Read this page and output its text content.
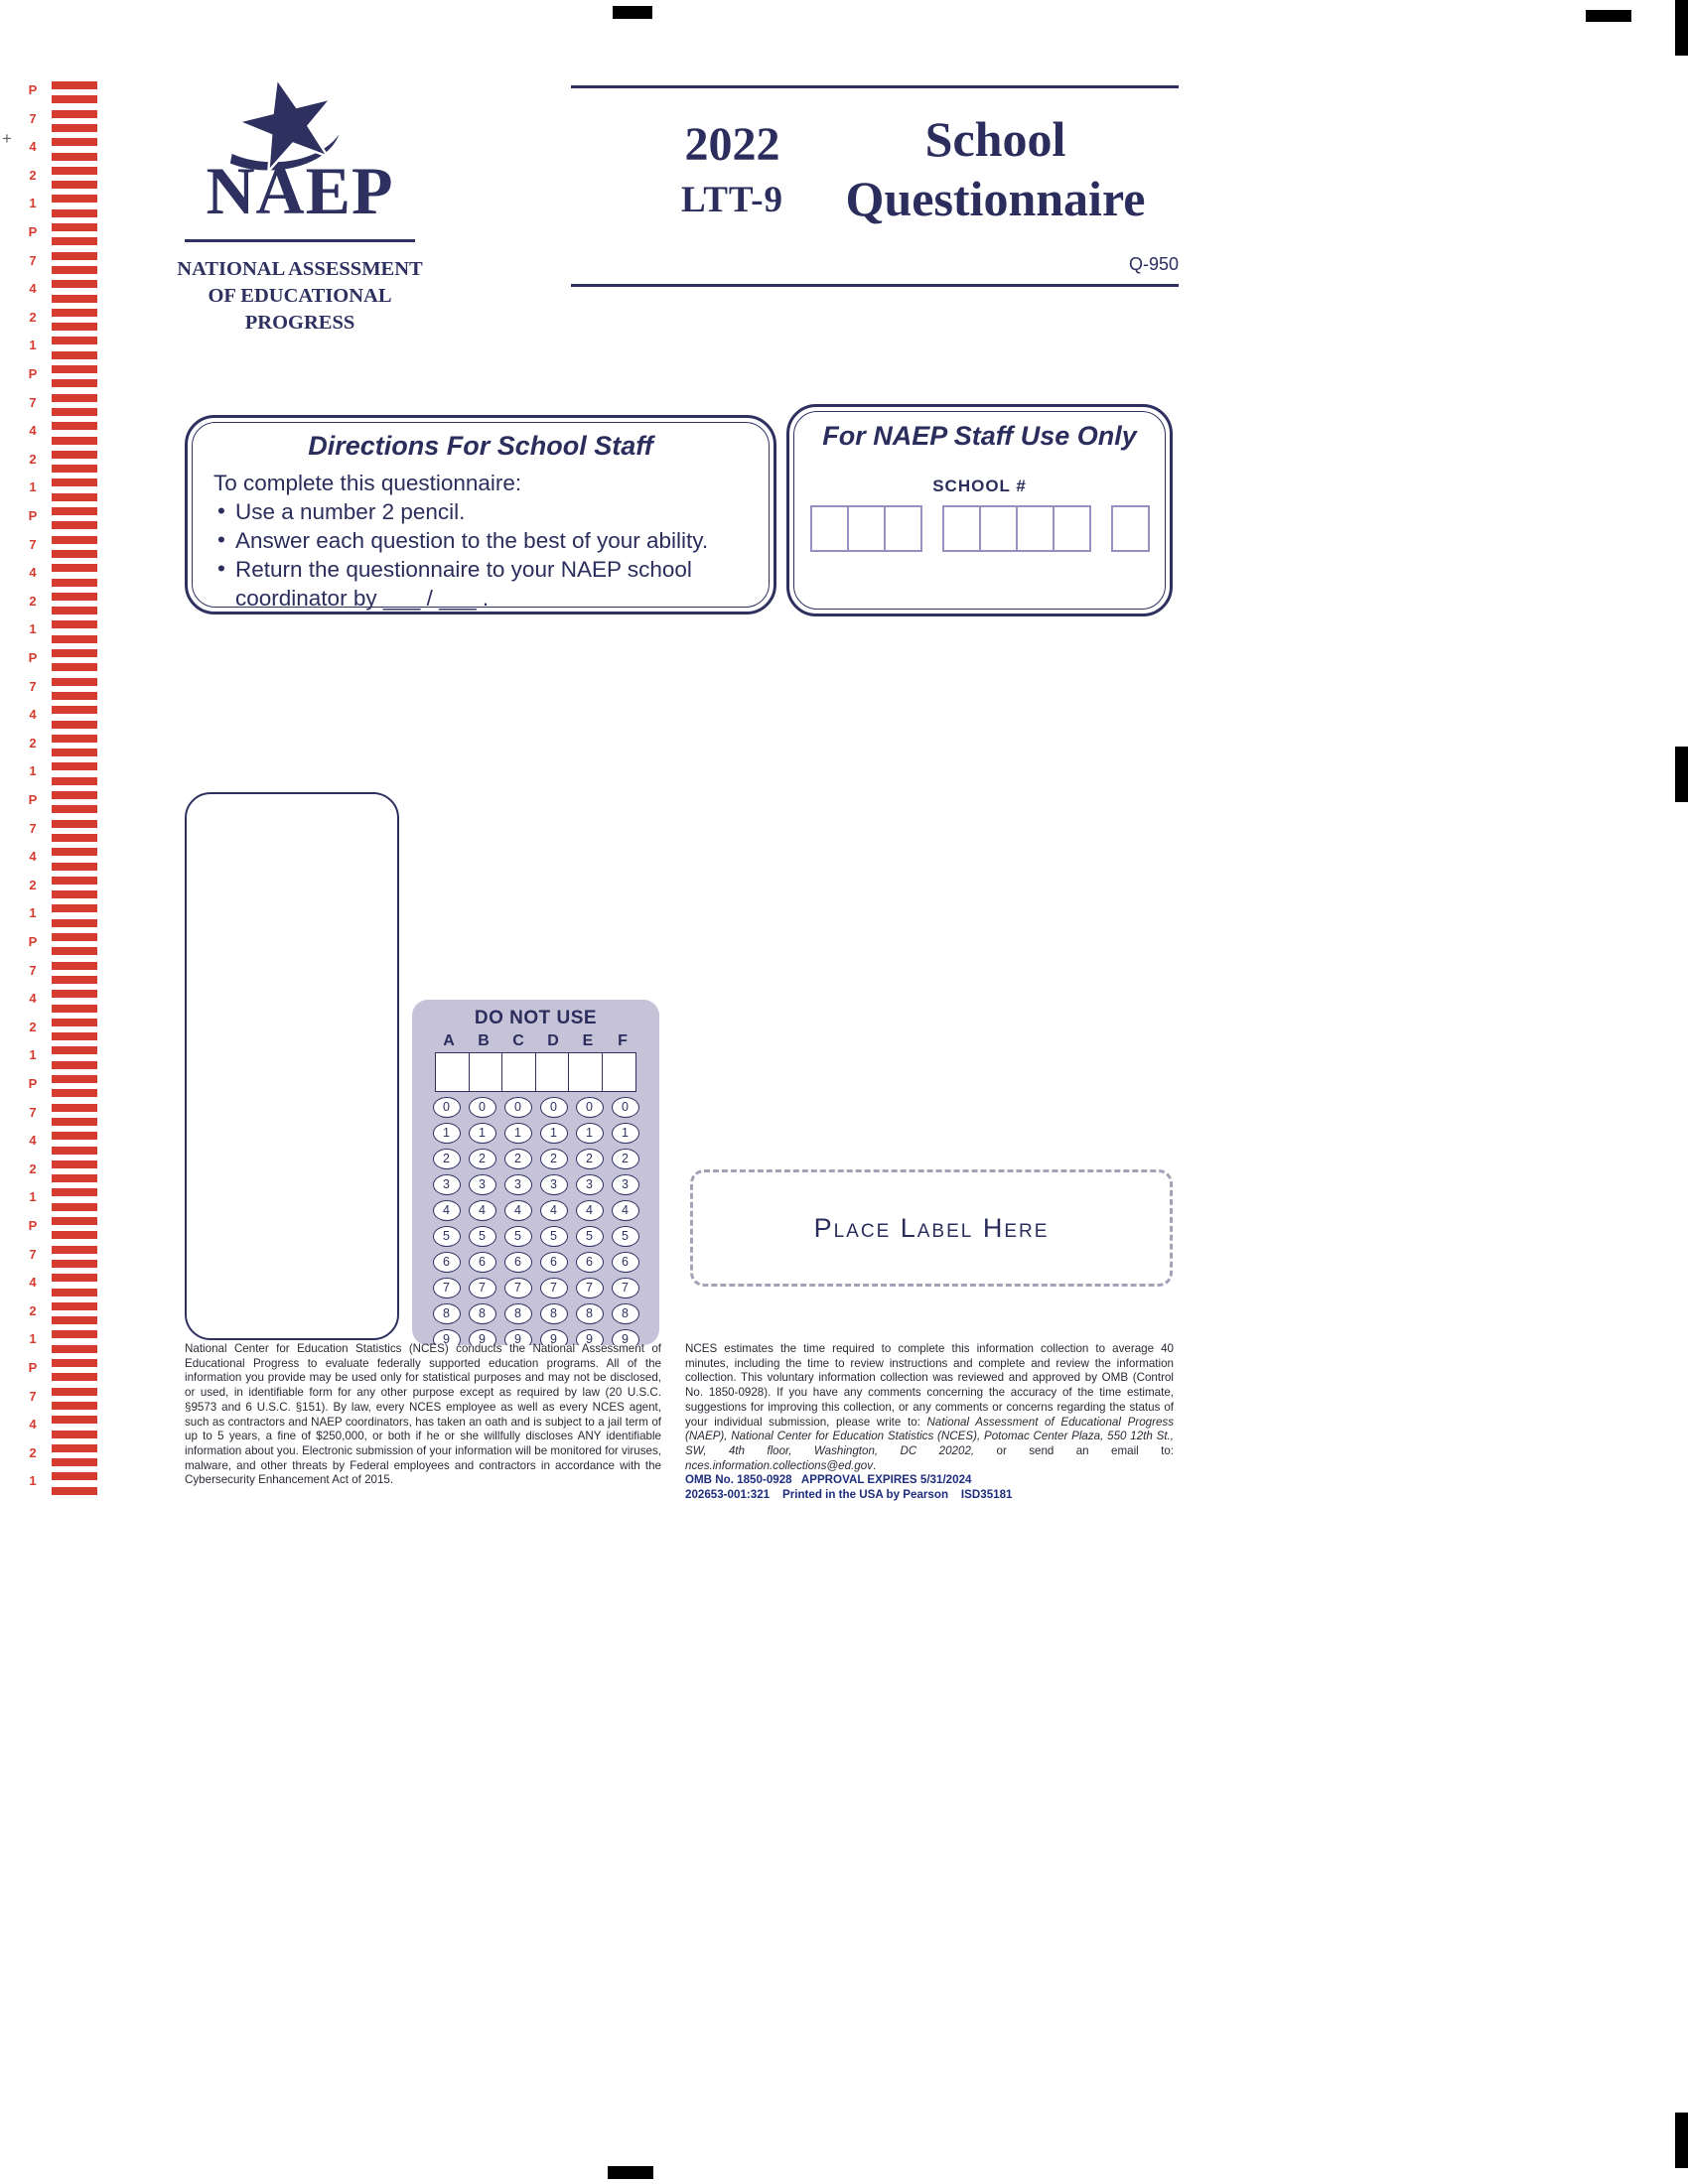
+
P
7
4
2
1
P
7
4
2
1
P
7
4
2
1
P
7
4
2
1
P
7
4
2
1
P
7
4
2
1
P
7
4
2
1
P
7
4
2
1
P
7
4
2
1
P
7
4
2
1
NAEP
NATIONAL ASSESSMENT
OF EDUCATIONAL
PROGRESS
2022
LTT-9
School
Questionnaire
Q-950
Directions For School Staff
To complete this questionnaire:
• Use a number 2 pencil.
• Answer each question to the best of your ability.
• Return the questionnaire to your NAEP school coordinator by ___ / ___ .
For NAEP Staff Use Only
SCHOOL #
DO NOT USE
A	B	C	D	E	F
0	0	0	0	0	0
1	1	1	1	1	1
2	2	2	2	2	2
3	3	3	3	3	3
4	4	4	4	4	4
5	5	5	5	5	5
6	6	6	6	6	6
7	7	7	7	7	7
8	8	8	8	8	8
9	9	9	9	9	9
Place Label Here
National Center for Education Statistics (NCES) conducts the National Assessment of Educational Progress to evaluate federally supported education programs. All of the information you provide may be used only for statistical purposes and may not be disclosed, or used, in identifiable form for any other purpose except as required by law (20 U.S.C. §9573 and 6 U.S.C. §151). By law, every NCES employee as well as every NCES agent, such as contractors and NAEP coordinators, has taken an oath and is subject to a jail term of up to 5 years, a fine of $250,000, or both if he or she willfully discloses ANY identifiable information about you. Electronic submission of your information will be monitored for viruses, malware, and other threats by Federal employees and contractors in accordance with the Cybersecurity Enhancement Act of 2015.
NCES estimates the time required to complete this information collection to average 40 minutes, including the time to review instructions and complete and review the information collection. This voluntary information collection was reviewed and approved by OMB (Control No. 1850-0928). If you have any comments concerning the accuracy of the time estimate, suggestions for improving this collection, or any comments or concerns regarding the status of your individual submission, please write to: National Assessment of Educational Progress (NAEP), National Center for Education Statistics (NCES), Potomac Center Plaza, 550 12th St., SW, 4th floor, Washington, DC 20202, or send an email to: nces.information.collections@ed.gov.
OMB No. 1850-0928   APPROVAL EXPIRES 5/31/2024
202653-001:321    Printed in the USA by Pearson    ISD35181
